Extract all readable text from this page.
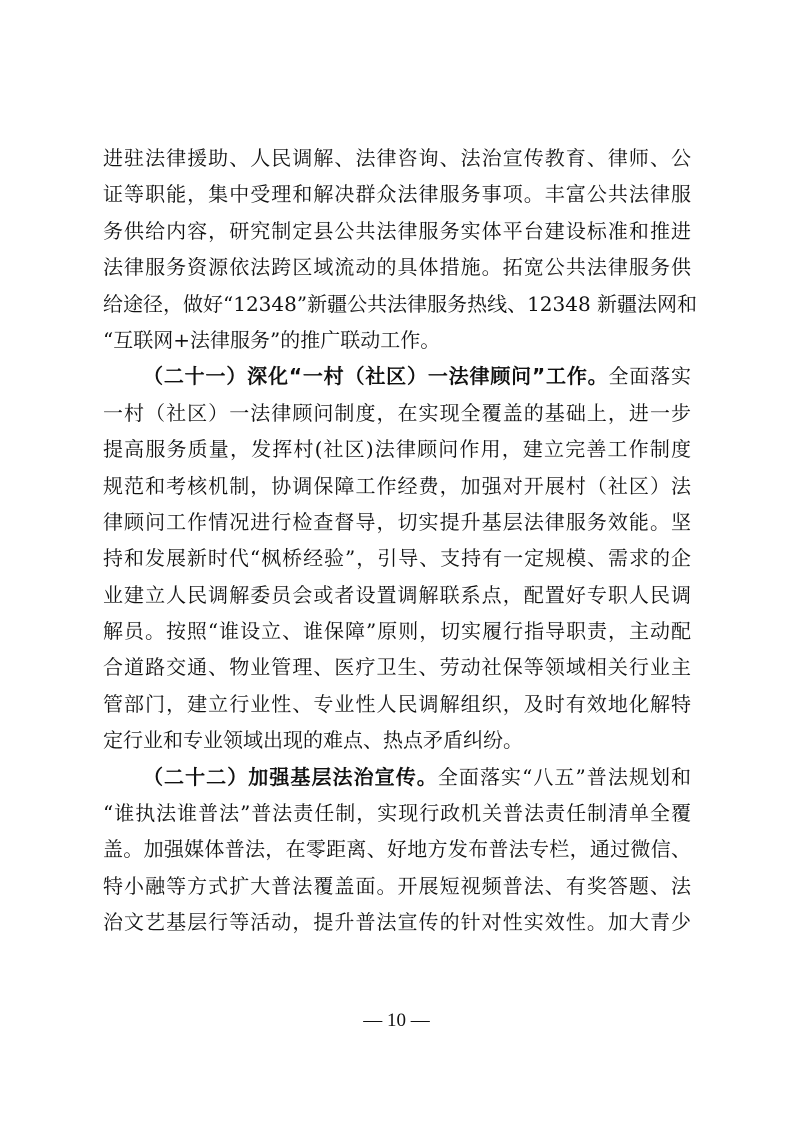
进驻法律援助、人民调解、法律咨询、法治宣传教育、律师、公
证等职能，集中受理和解决群众法律服务事项。丰富公共法律服
务供给内容，研究制定县公共法律服务实体平台建设标准和推进
法律服务资源依法跨区域流动的具体措施。拓宽公共法律服务供
给途径，做好“12348”新疆公共法律服务热线、12348 新疆法网和
“互联网+法律服务”的推广联动工作。
（二十一）深化“一村（社区）一法律顾问”工作。全面落实
一村（社区）一法律顾问制度，在实现全覆盖的基础上，进一步
提高服务质量，发挥村(社区)法律顾问作用，建立完善工作制度
规范和考核机制，协调保障工作经费，加强对开展村（社区）法
律顾问工作情况进行检查督导，切实提升基层法律服务效能。坚
持和发展新时代“枫桥经验”，引导、支持有一定规模、需求的企
业建立人民调解委员会或者设置调解联系点，配置好专职人民调
解员。按照“谁设立、谁保障”原则，切实履行指导职责，主动配
合道路交通、物业管理、医疗卫生、劳动社保等领域相关行业主
管部门，建立行业性、专业性人民调解组织，及时有效地化解特
定行业和专业领域出现的难点、热点矛盾纠纷。
（二十二）加强基层法治宣传。全面落实“八五”普法规划和
“谁执法谁普法”普法责任制，实现行政机关普法责任制清单全覆
盖。加强媒体普法，在零距离、好地方发布普法专栏，通过微信、
特小融等方式扩大普法覆盖面。开展短视频普法、有奖答题、法
治文艺基层行等活动，提升普法宣传的针对性实效性。加大青少
— 10 —
